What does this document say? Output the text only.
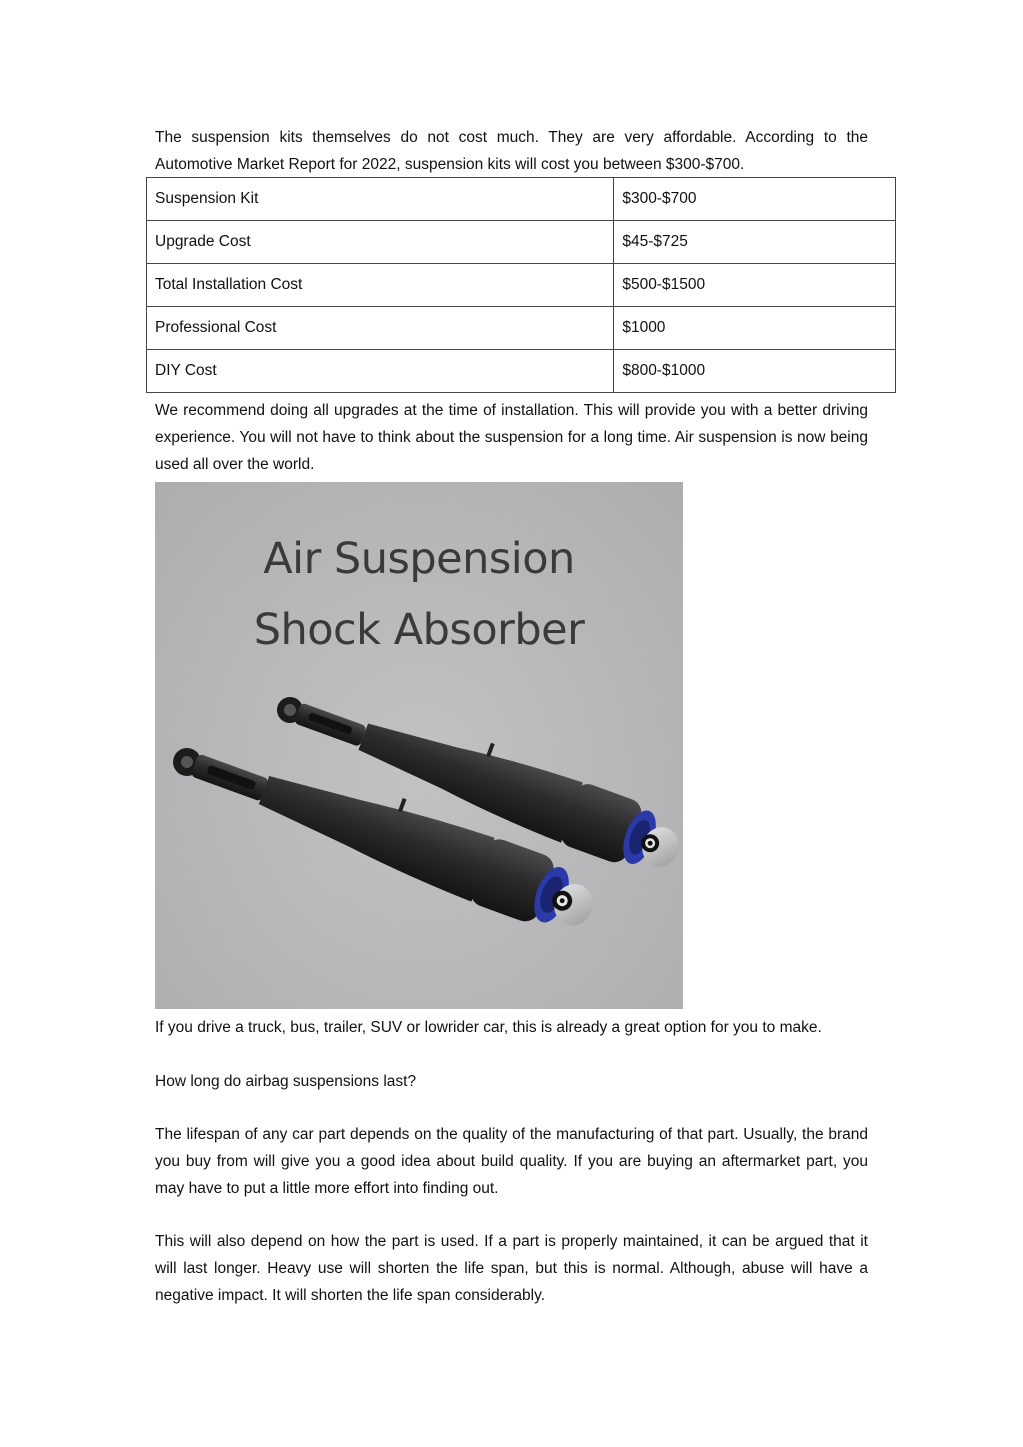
The suspension kits themselves do not cost much. They are very affordable. According to the Automotive Market Report for 2022, suspension kits will cost you between $300-$700.

Suspension Kit	$300-$700
Upgrade Cost	$45-$725
Total Installation Cost	$500-$1500
Professional Cost	$1000
DIY Cost	$800-$1000

We recommend doing all upgrades at the time of installation. This will provide you with a better driving experience. You will not have to think about the suspension for a long time. Air suspension is now being used all over the world.

Air Suspension
Shock Absorber

If you drive a truck, bus, trailer, SUV or lowrider car, this is already a great option for you to make.

How long do airbag suspensions last?

The lifespan of any car part depends on the quality of the manufacturing of that part. Usually, the brand you buy from will give you a good idea about build quality. If you are buying an aftermarket part, you may have to put a little more effort into finding out.

This will also depend on how the part is used. If a part is properly maintained, it can be argued that it will last longer. Heavy use will shorten the life span, but this is normal. Although, abuse will have a negative impact. It will shorten the life span considerably.
